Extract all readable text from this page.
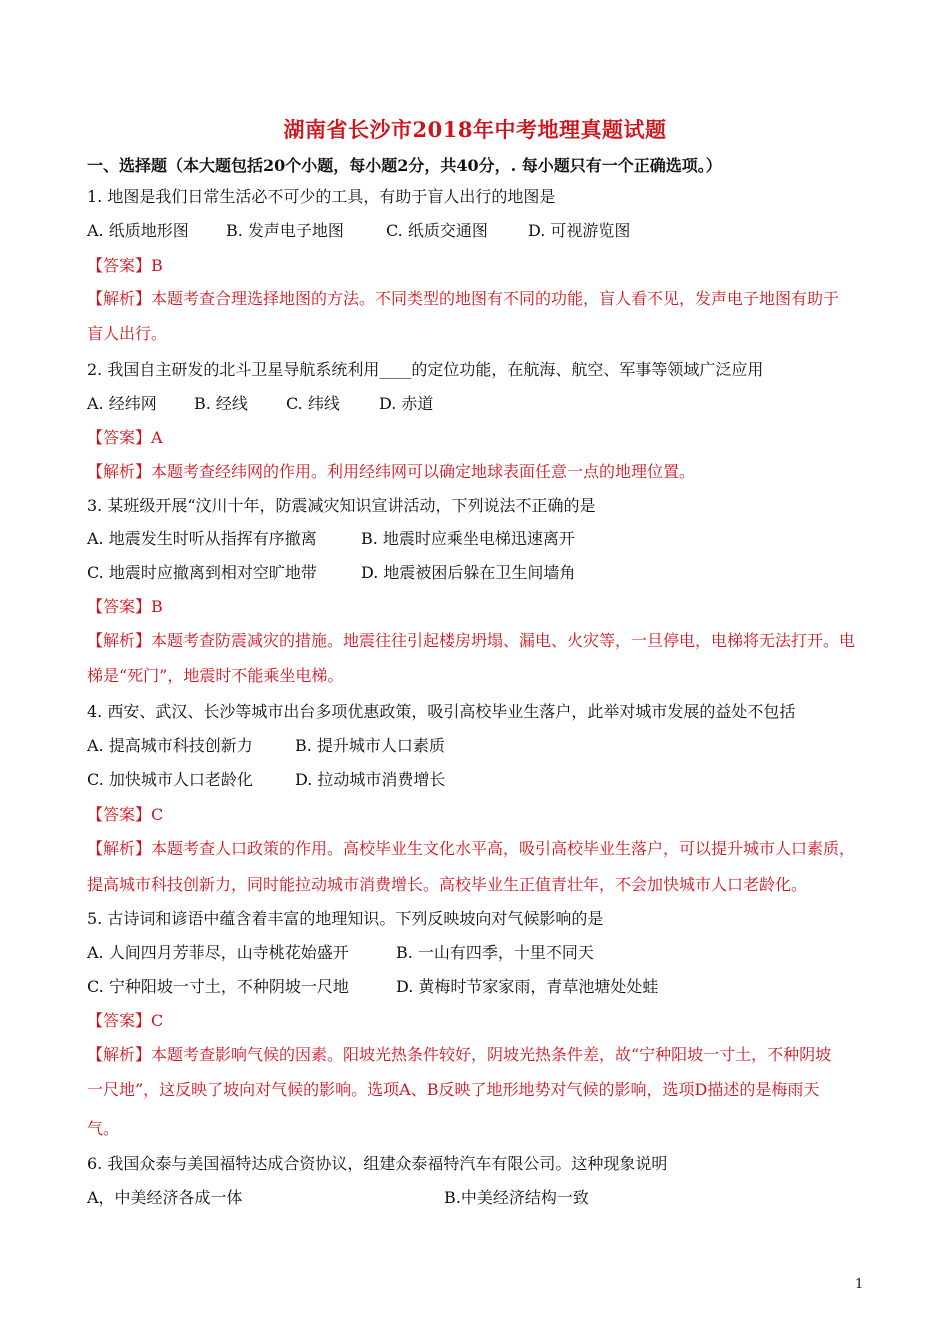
湖南省长沙市2018年中考地理真题试题
一、选择题（本大题包括20个小题，每小题2分，共40分，. 每小题只有一个正确选项。）
1. 地图是我们日常生活必不可少的工具，有助于盲人出行的地图是
A. 纸质地形图 B. 发声电子地图	C. 纸质交通图	D. 可视游览图
【答案】B
【解析】本题考查合理选择地图的方法。不同类型的地图有不同的功能，盲人看不见，发声电子地图有助于
盲人出行。
2. 我国自主研发的北斗卫星导航系统利用____的定位功能，在航海、航空、军事等领域广泛应用
A. 经纬网 B. 经线 C. 纬线 D. 赤道
【答案】A
【解析】本题考查经纬网的作用。利用经纬网可以确定地球表面任意一点的地理位置。
3. 某班级开展“汶川十年，防震减灾知识宣讲活动，下列说法不正确的是
A. 地震发生时听从指挥有序撤离	B. 地震时应乘坐电梯迅速离开
C. 地震时应撤离到相对空旷地带	D. 地震被困后躲在卫生间墙角
【答案】B
【解析】本题考查防震减灾的措施。地震往往引起楼房坍塌、漏电、火灾等，一旦停电，电梯将无法打开。电
梯是“死门”，地震时不能乘坐电梯。
4. 西安、武汉、长沙等城市出台多项优惠政策，吸引高校毕业生落户，此举对城市发展的益处不包括
A. 提高城市科技创新力	B. 提升城市人口素质
C. 加快城市人口老龄化	D. 拉动城市消费增长
【答案】C
【解析】本题考查人口政策的作用。高校毕业生文化水平高，吸引高校毕业生落户，可以提升城市人口素质，
提高城市科技创新力，同时能拉动城市消费增长。高校毕业生正值青壮年，不会加快城市人口老龄化。
5. 古诗词和谚语中蕴含着丰富的地理知识。下列反映坡向对气候影响的是
A. 人间四月芳菲尽，山寺桃花始盛开	B. 一山有四季，十里不同天
C. 宁种阳坡一寸土，不种阴坡一尺地	D. 黄梅时节家家雨，青草池塘处处蛙
【答案】C
【解析】本题考查影响气候的因素。阳坡光热条件较好，阴坡光热条件差，故“宁种阳坡一寸土，不种阴坡
一尺地”，这反映了坡向对气候的影响。选项A、B反映了地形地势对气候的影响，选项D描述的是梅雨天
气。
6. 我国众泰与美国福特达成合资协议，组建众泰福特汽车有限公司。这种现象说明
A，中美经济各成一体	B.中美经济结构一致
1
